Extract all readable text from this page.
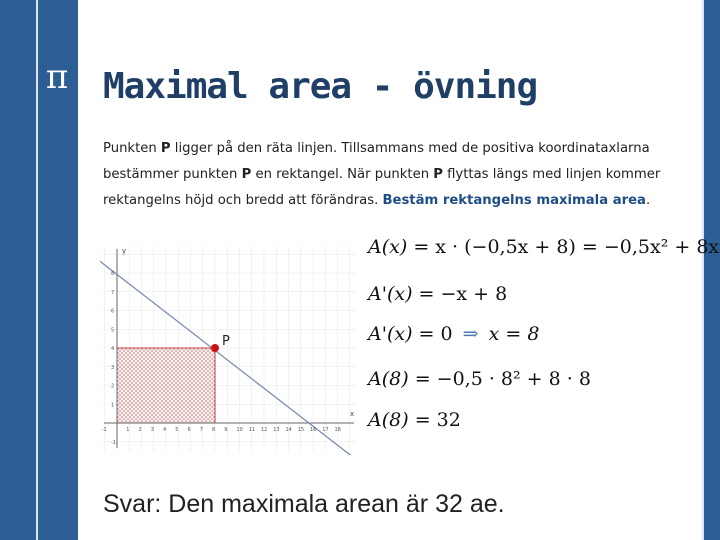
π Maximal area - övning

Punkten P ligger på den räta linjen. Tillsammans med de positiva koordinataxlarna bestämmer punkten P en rektangel. När punkten P flyttas längs med linjen kommer rektangelns höjd och bredd att förändras. Bestäm rektangelns maximala area.

-1	1 2 3 4 5 6 7 8 9 10 11 12 13 14 15 16 17 18
8
7
6
5
4
3
2
1
-1
x
y
P
A(x) = x · (−0,5x + 8) = −0,5x² + 8x
A'(x) = −x + 8
A'(x) = 0 ⇒ x = 8
A(8) = −0,5 · 8² + 8 · 8
A(8) = 32
Svar: Den maximala arean är 32 ae.
